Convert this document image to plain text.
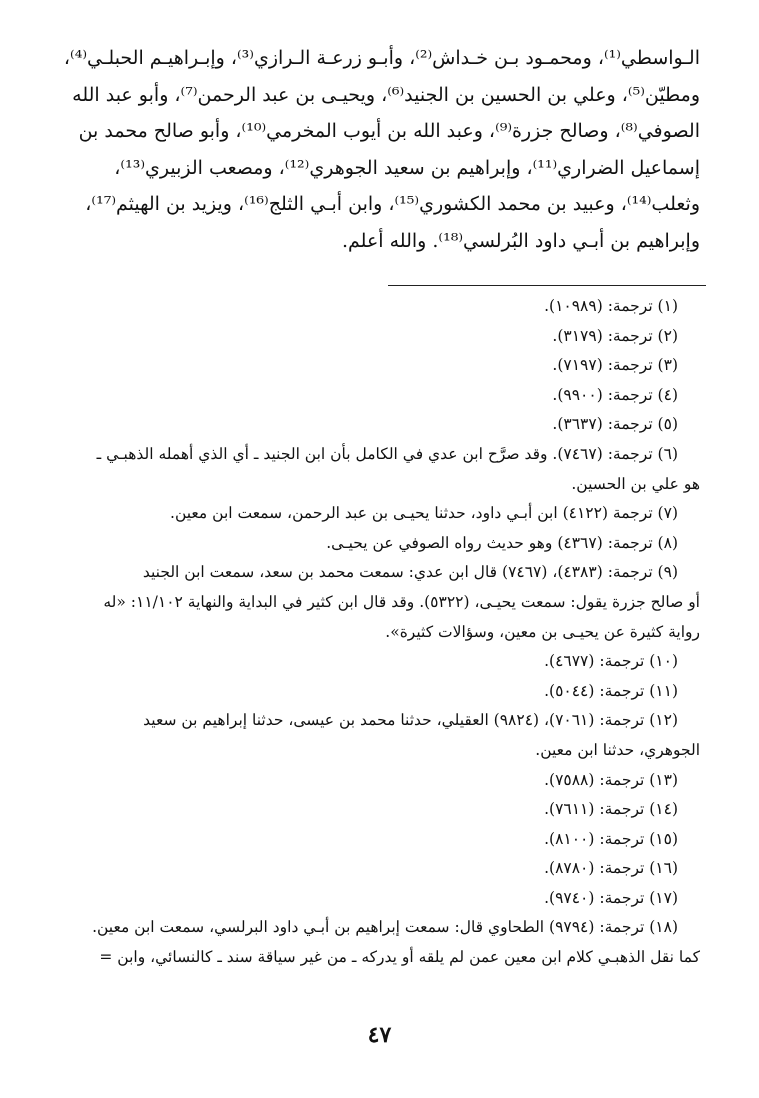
الـواسطي⁽¹⁾، ومحمـود بـن خـداش⁽²⁾، وأبـو زرعـة الـرازي⁽³⁾، وإبـراهيـم الحبلـي⁽⁴⁾،

ومطيّن⁽⁵⁾، وعلي بن الحسين بن الجنيد⁽⁶⁾، ويحيـى بن عبد الرحمن⁽⁷⁾، وأبو عبد الله

الصوفي⁽⁸⁾، وصالح جزرة⁽⁹⁾، وعبد الله بن أيوب المخرمي⁽¹⁰⁾، وأبو صالح محمد بن

إسماعيل الضراري⁽¹¹⁾، وإبراهيم بن سعيد الجوهري⁽¹²⁾، ومصعب الزبيري⁽¹³⁾،

وثعلب⁽¹⁴⁾، وعبيد بن محمد الكشوري⁽¹⁵⁾، وابن أبـي الثلج⁽¹⁶⁾، ويزيد بن الهيثم⁽¹⁷⁾،

وإبراهيم بن أبـي داود البُرلسي⁽¹⁸⁾. والله أعلم.

(١) ترجمة: (١٠٩٨٩).

(٢) ترجمة: (٣١٧٩).

(٣) ترجمة: (٧١٩٧).

(٤) ترجمة: (٩٩٠٠).

(٥) ترجمة: (٣٦٣٧).

(٦) ترجمة: (٧٤٦٧). وقد صرَّح ابن عدي في الكامل بأن ابن الجنيد ـ أي الذي أهمله الذهبـي ـ

هو علي بن الحسين.

(٧) ترجمة (٤١٢٢) ابن أبـي داود، حدثنا يحيـى بن عبد الرحمن، سمعت ابن معين.

(٨) ترجمة: (٤٣٦٧) وهو حديث رواه الصوفي عن يحيـى.

(٩) ترجمة: (٤٣٨٣)، (٧٤٦٧) قال ابن عدي: سمعت محمد بن سعد، سمعت ابن الجنيد

أو صالح جزرة يقول: سمعت يحيـى، (٥٣٢٢). وقد قال ابن كثير في البداية والنهاية ١١/١٠٢: «له

رواية كثيرة عن يحيـى بن معين، وسؤالات كثيرة».

(١٠) ترجمة: (٤٦٧٧).

(١١) ترجمة: (٥٠٤٤).

(١٢) ترجمة: (٧٠٦١)، (٩٨٢٤) العقيلي، حدثنا محمد بن عيسى، حدثنا إبراهيم بن سعيد

الجوهري، حدثنا ابن معين.

(١٣) ترجمة: (٧٥٨٨).

(١٤) ترجمة: (٧٦١١).

(١٥) ترجمة: (٨١٠٠).

(١٦) ترجمة: (٨٧٨٠).

(١٧) ترجمة: (٩٧٤٠).

(١٨) ترجمة: (٩٧٩٤) الطحاوي قال: سمعت إبراهيم بن أبـي داود البرلسي، سمعت ابن معين.

كما نقل الذهبـي كلام ابن معين عمن لم يلقه أو يدركه ـ من غير سياقة سند ـ كالنسائي، وابن =

٤٧
